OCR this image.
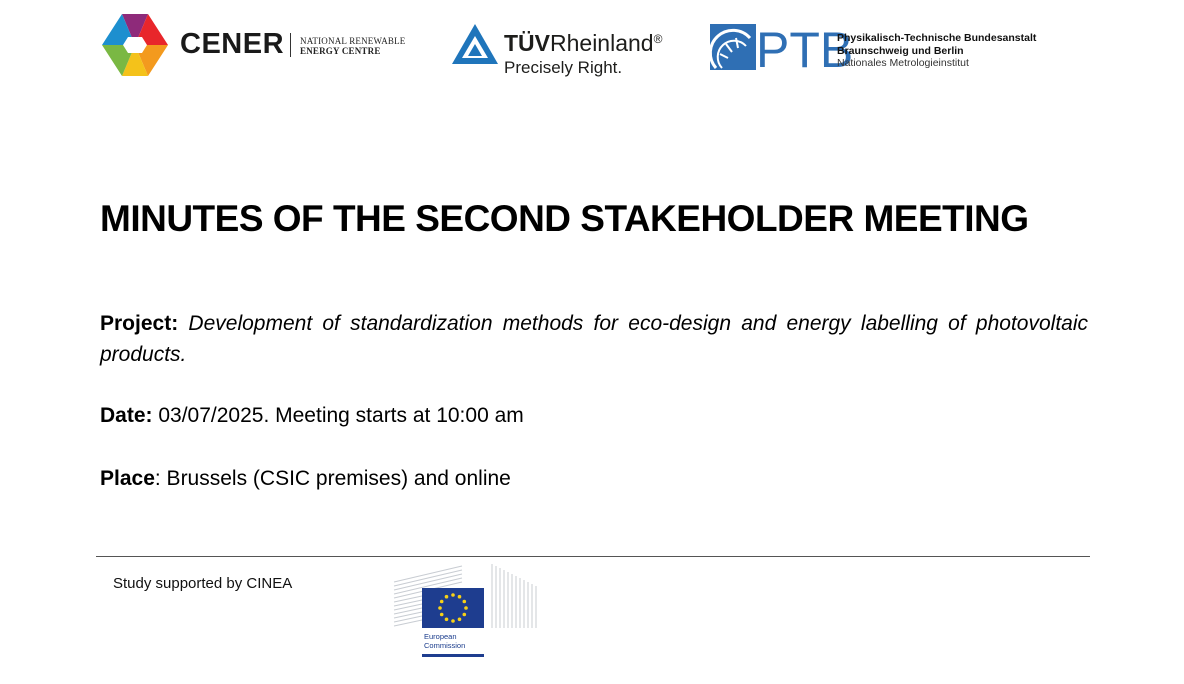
CENER NATIONAL RENEWABLE
ENERGY CENTRE	TÜVRheinland®
Precisely Right.	PTB
Physikalisch-Technische Bundesanstalt
Braunschweig und Berlin
Nationales Metrologieinstitut
MINUTES OF THE SECOND STAKEHOLDER MEETING

Project: Development of standardization methods for eco-design and energy labelling of photovoltaic products.

Date: 03/07/2025. Meeting starts at 10:00 am

Place: Brussels (CSIC premises) and online

Study supported by CINEA
European
Commission
